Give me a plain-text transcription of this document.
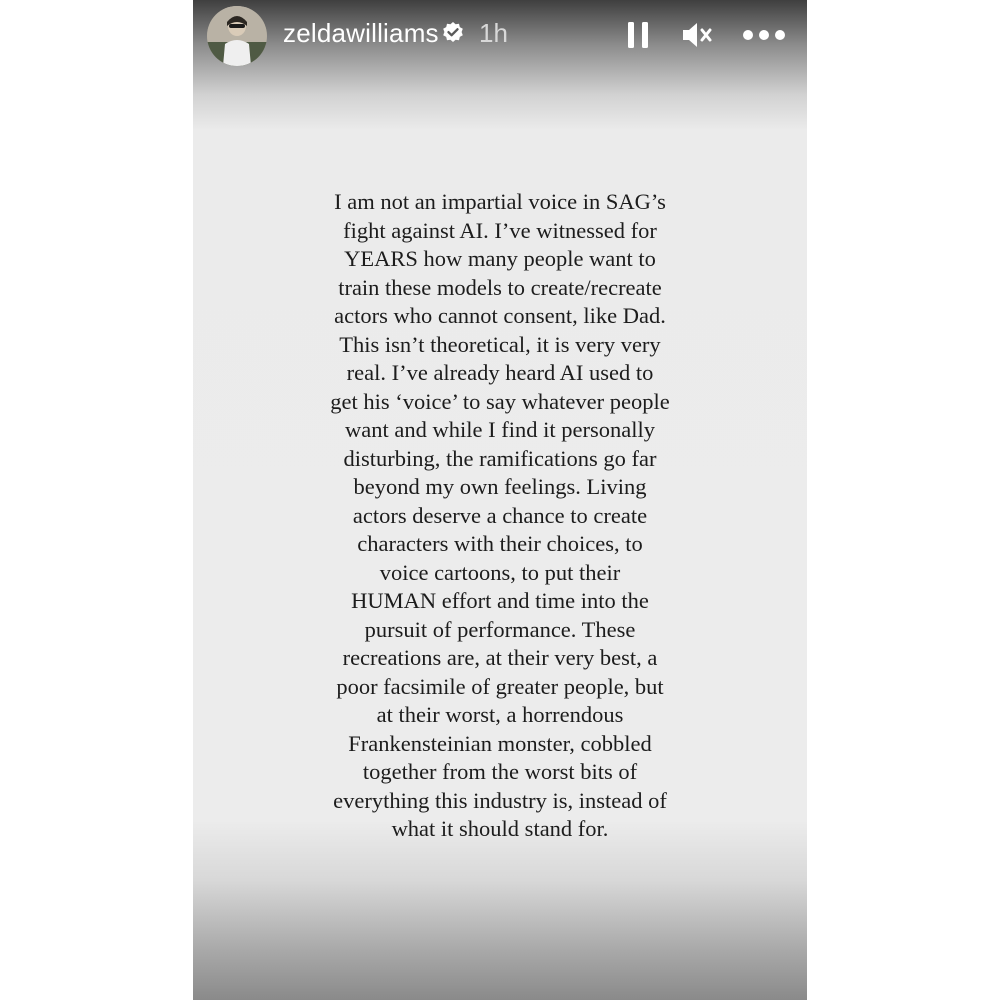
zeldawilliams 1h
I am not an impartial voice in SAG’s
fight against AI. I’ve witnessed for
YEARS how many people want to
train these models to create/recreate
actors who cannot consent, like Dad.
This isn’t theoretical, it is very very
real. I’ve already heard AI used to
get his ‘voice’ to say whatever people
want and while I find it personally
disturbing, the ramifications go far
beyond my own feelings. Living
actors deserve a chance to create
characters with their choices, to
voice cartoons, to put their
HUMAN effort and time into the
pursuit of performance. These
recreations are, at their very best, a
poor facsimile of greater people, but
at their worst, a horrendous
Frankensteinian monster, cobbled
together from the worst bits of
everything this industry is, instead of
what it should stand for.
